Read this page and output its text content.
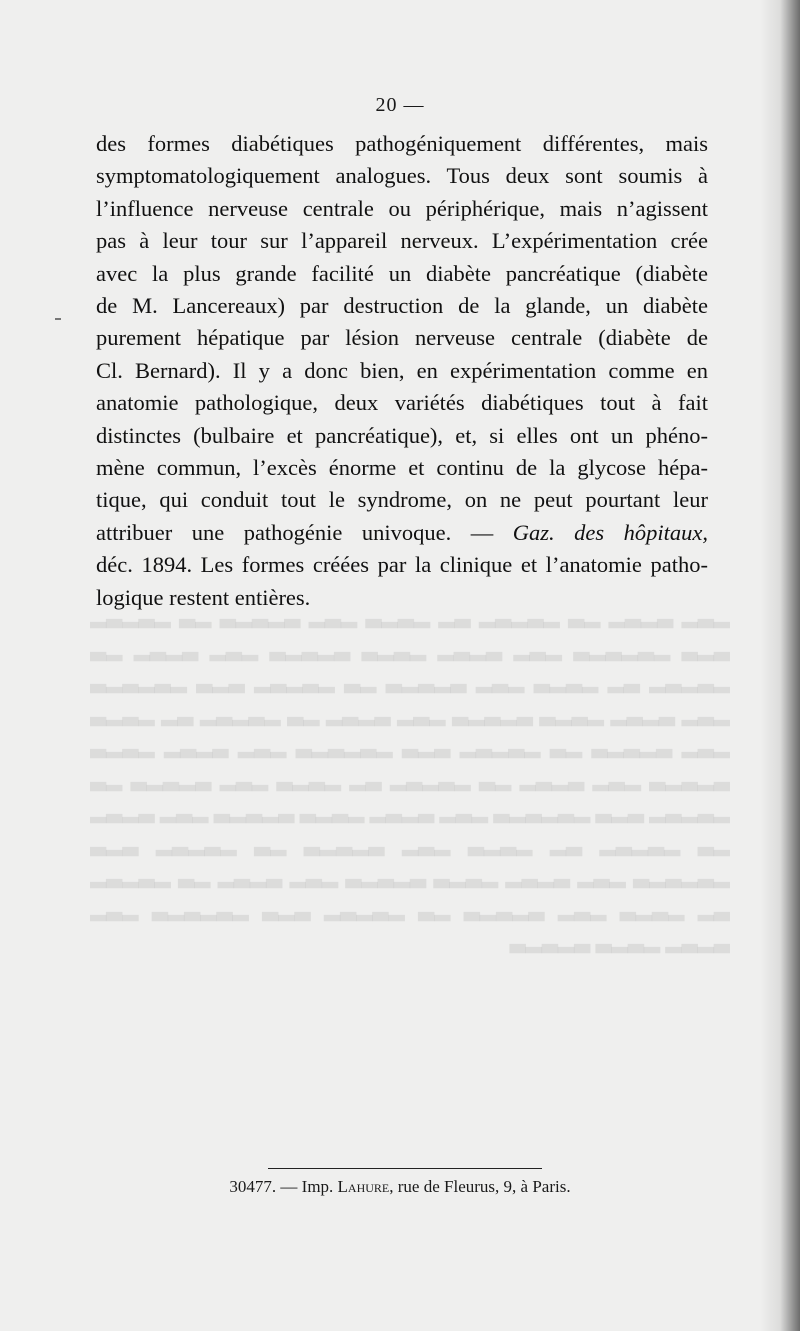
▂▃▂ ▃▂▃▂ ▂▃ ▂▃▂▃▂ ▃▂ ▂▃▂▃ ▂▃▂ ▃▂▃▂▃ ▂▃ ▂▃▂▃▂ ▃▂▃ ▂▃▂▃▂▃ ▂▃▂ ▃▂▃▂ ▂▃▂▃ ▃▂▃▂▃ ▂▃▂ ▃▂▃▂ ▂▃ ▂▃▂▃▂ ▃▂ ▂▃▂▃ ▂▃▂ ▃▂▃▂▃ ▂▃ ▂▃▂▃▂ ▃▂▃ ▂▃▂▃▂▃ ▂▃▂ ▃▂▃▂ ▂▃▂▃ ▃▂▃▂▃ ▂▃▂ ▃▂▃▂ ▂▃ ▂▃▂▃▂ ▃▂ ▂▃▂▃ ▂▃▂ ▃▂▃▂▃ ▂▃ ▂▃▂▃▂ ▃▂▃ ▂▃▂▃▂▃ ▂▃▂ ▃▂▃▂ ▂▃▂▃ ▃▂▃▂▃ ▂▃▂ ▃▂▃▂ ▂▃ ▂▃▂▃▂ ▃▂ ▂▃▂▃ ▂▃▂ ▃▂▃▂▃ ▂▃ ▂▃▂▃▂ ▃▂▃ ▂▃▂▃▂▃ ▂▃▂ ▃▂▃▂ ▂▃▂▃ ▃▂▃▂▃ ▂▃▂ ▃▂▃▂ ▂▃ ▂▃▂▃▂ ▃▂ ▂▃▂▃ ▂▃▂ ▃▂▃▂▃ ▂▃ ▂▃▂▃▂ ▃▂▃ ▂▃▂▃▂▃ ▂▃▂ ▃▂▃▂ ▂▃▂▃ ▃▂▃▂▃ ▂▃▂ ▃▂▃▂ ▂▃ ▂▃▂▃▂ ▃▂ ▂▃▂▃ ▂▃▂ ▃▂▃▂▃ ▂▃ ▂▃▂▃▂ ▃▂▃ ▂▃▂▃▂▃ ▂▃▂ ▃▂▃▂ ▂▃▂▃ ▃▂▃▂▃
20 —
des formes diabétiques pathogéniquement différentes, mais
symptomatologiquement analogues. Tous deux sont soumis à
l’influence nerveuse centrale ou périphérique, mais n’agissent
pas à leur tour sur l’appareil nerveux. L’expérimentation crée
avec la plus grande facilité un diabète pancréatique (diabète
de M. Lancereaux) par destruction de la glande, un diabète
purement hépatique par lésion nerveuse centrale (diabète de
Cl. Bernard). Il y a donc bien, en expérimentation comme en
anatomie pathologique, deux variétés diabétiques tout à fait
distinctes (bulbaire et pancréatique), et, si elles ont un phéno-
mène commun, l’excès énorme et continu de la glycose hépa-
tique, qui conduit tout le syndrome, on ne peut pourtant leur
attribuer une pathogénie univoque. — Gaz. des hôpitaux,
déc. 1894. Les formes créées par la clinique et l’anatomie patho-
logique restent entières.
30477. — Imp. Lahure, rue de Fleurus, 9, à Paris.
